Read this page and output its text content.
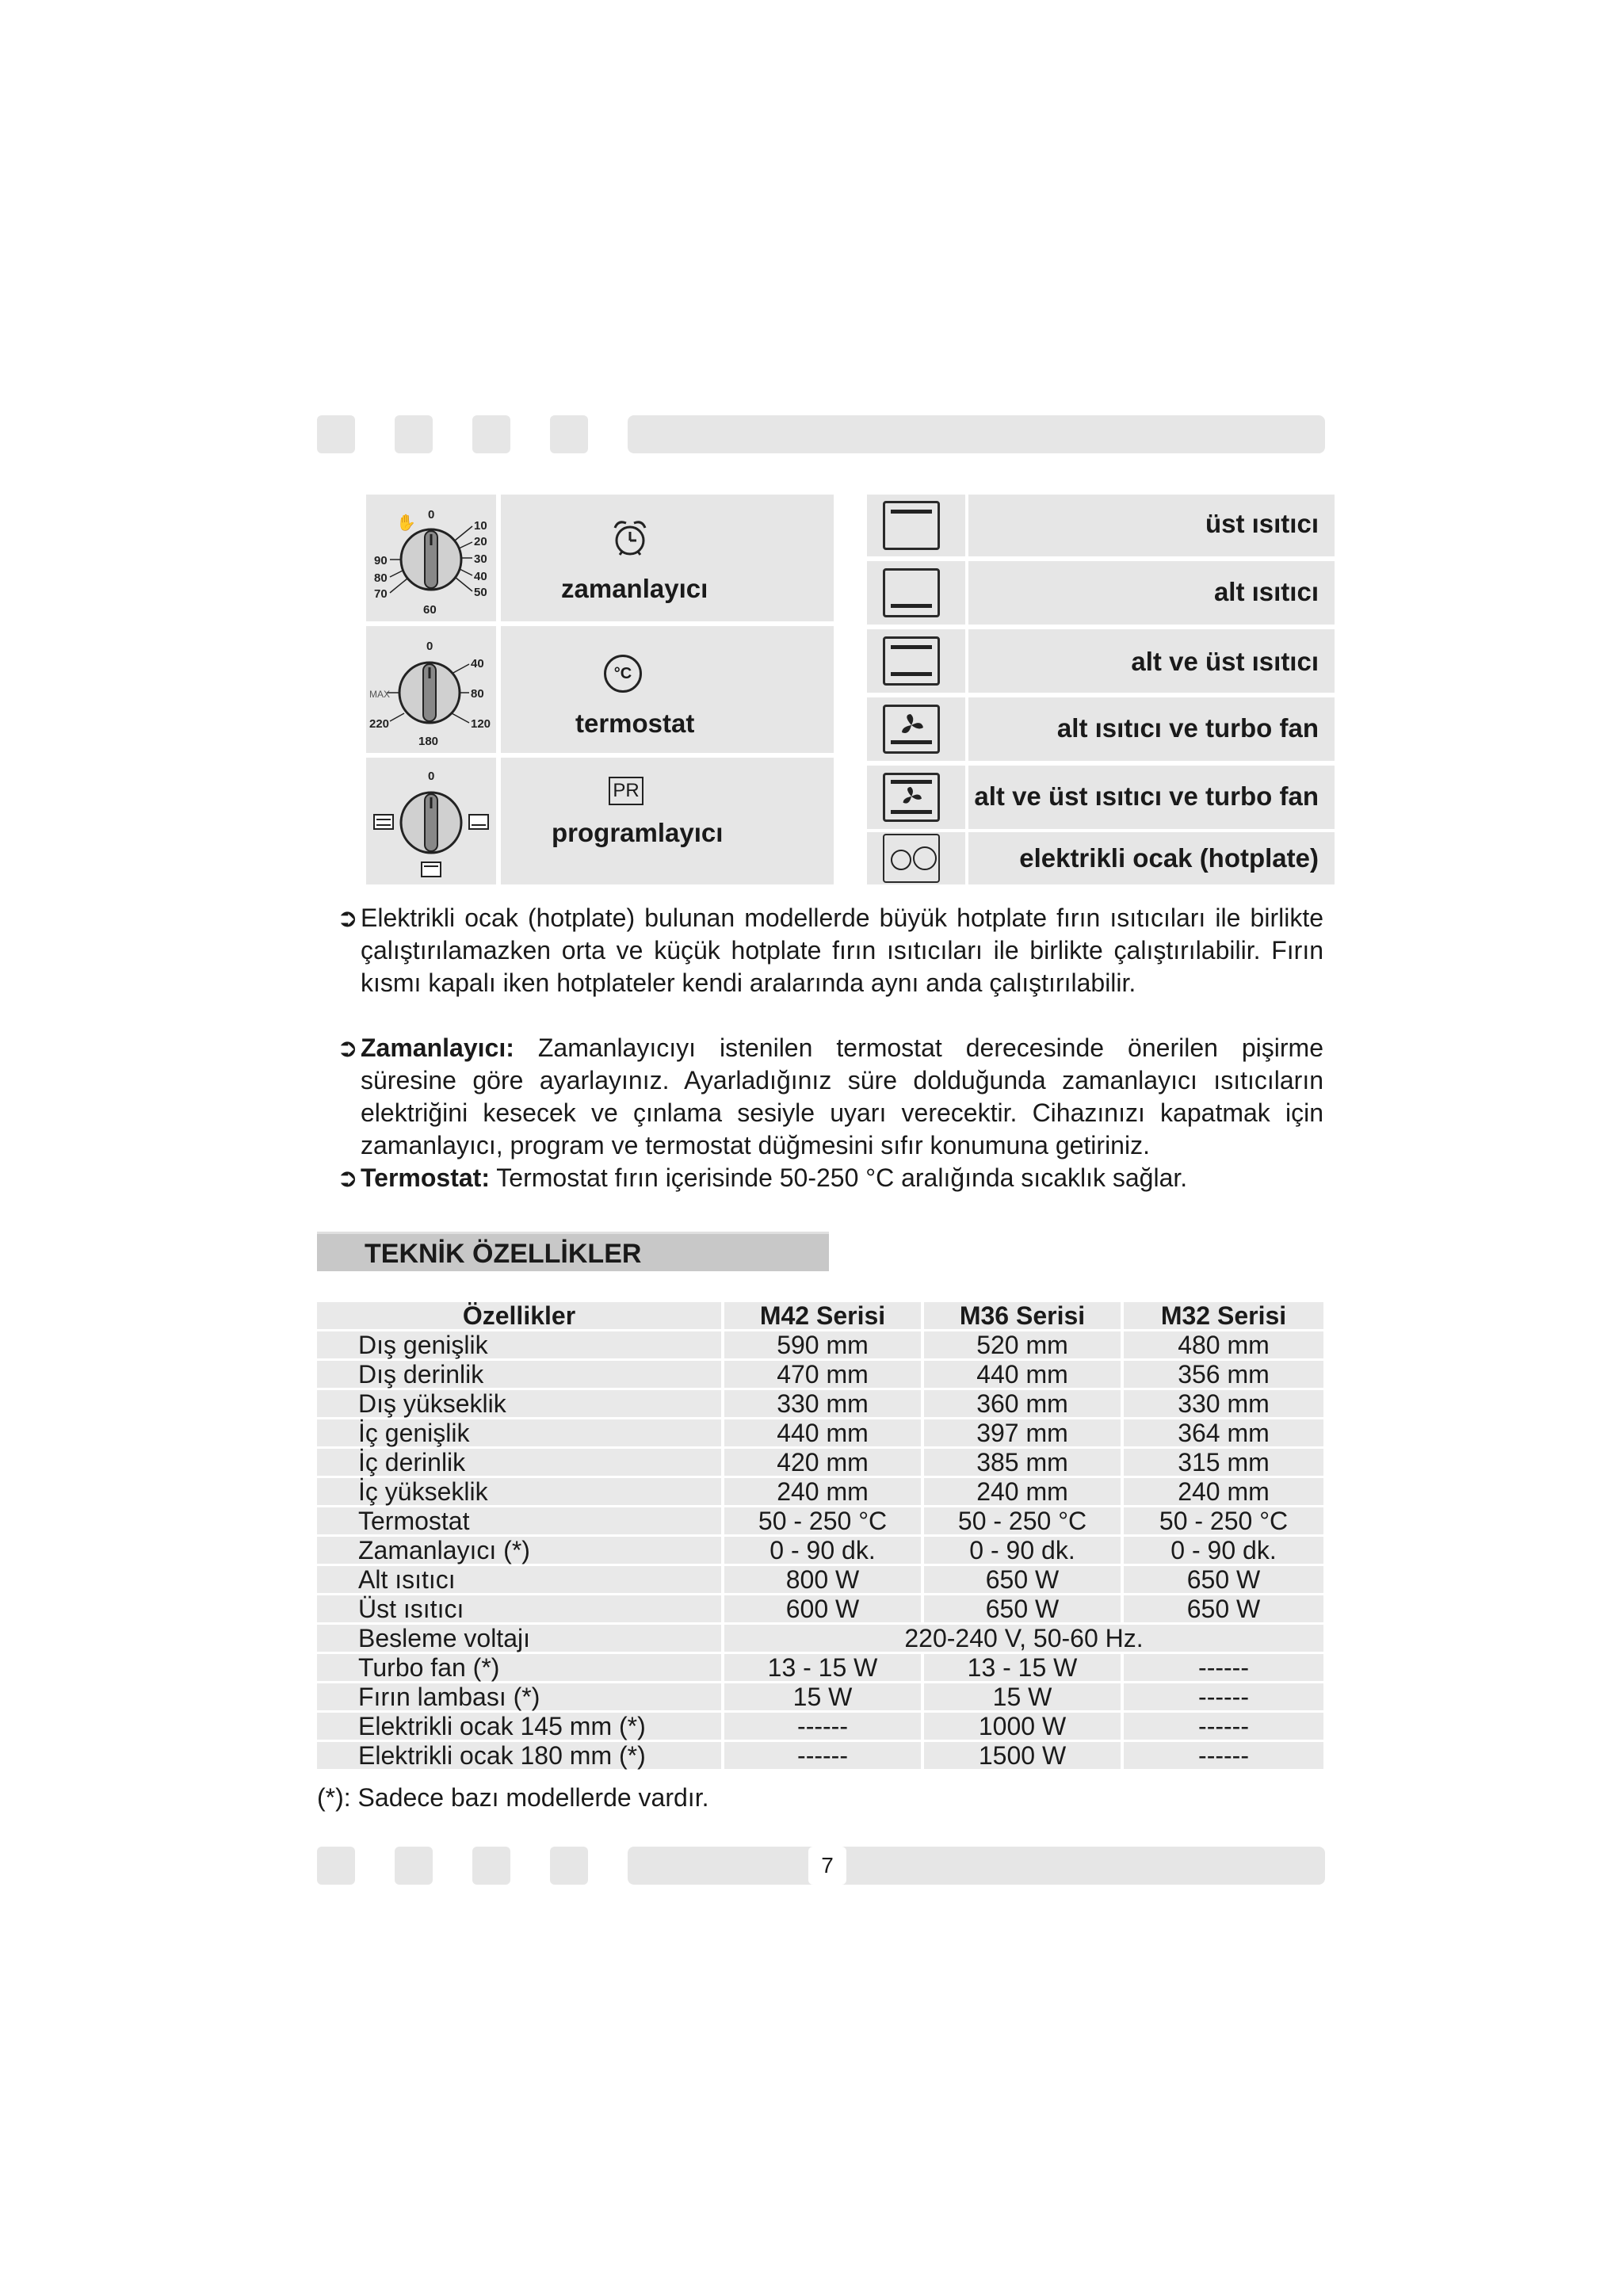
0
10
20
30
40
50
60
70
80
90
✋
zamanlayıcı
0
40
80
120
180
220
MAX
°C
termostat
0
PR
programlayıcı
üst ısıtıcı
alt ısıtıcı
alt ve üst ısıtıcı
alt ısıtıcı ve turbo fan
alt ve üst ısıtıcı ve turbo fan
elektrikli ocak (hotplate)
➲Elektrikli ocak (hotplate) bulunan modellerde büyük hotplate fırın ısıtıcıları ile birlikte çalıştırılamazken orta ve küçük hotplate fırın ısıtıcıları ile birlikte çalıştırılabilir. Fırın kısmı kapalı iken hotplateler kendi aralarında aynı anda çalıştırılabilir.
➲Zamanlayıcı: Zamanlayıcıyı istenilen termostat derecesinde önerilen pişirme süresine göre ayarlayınız. Ayarladığınız süre dolduğunda zamanlayıcı ısıtıcıların elektriğini kesecek ve çınlama sesiyle uyarı verecektir. Cihazınızı kapatmak için zamanlayıcı, program ve termostat düğmesini sıfır konumuna getiriniz.
➲Termostat: Termostat fırın içerisinde 50-250 °C aralığında sıcaklık sağlar.
TEKNİK ÖZELLİKLER
Özellikler	M42 Serisi	M36 Serisi	M32 Serisi
Dış genişlik	590 mm	520 mm	480 mm
Dış derinlik	470 mm	440 mm	356 mm
Dış yükseklik	330 mm	360 mm	330 mm
İç genişlik	440 mm	397 mm	364 mm
İç derinlik	420 mm	385 mm	315 mm
İç yükseklik	240 mm	240 mm	240 mm
Termostat	50 - 250 °C	50 - 250 °C	50 - 250 °C
Zamanlayıcı (*)	0 - 90 dk.	0 - 90 dk.	0 - 90 dk.
Alt ısıtıcı	800 W	650 W	650 W
Üst ısıtıcı	600 W	650 W	650 W
Besleme voltajı	220-240 V, 50-60 Hz.
Turbo fan (*)	13 - 15 W	13 - 15 W	------
Fırın lambası (*)	15 W	15 W	------
Elektrikli ocak 145 mm (*)	------	1000 W	------
Elektrikli ocak 180 mm (*)	------	1500 W	------
(*): Sadece bazı modellerde vardır.
7
